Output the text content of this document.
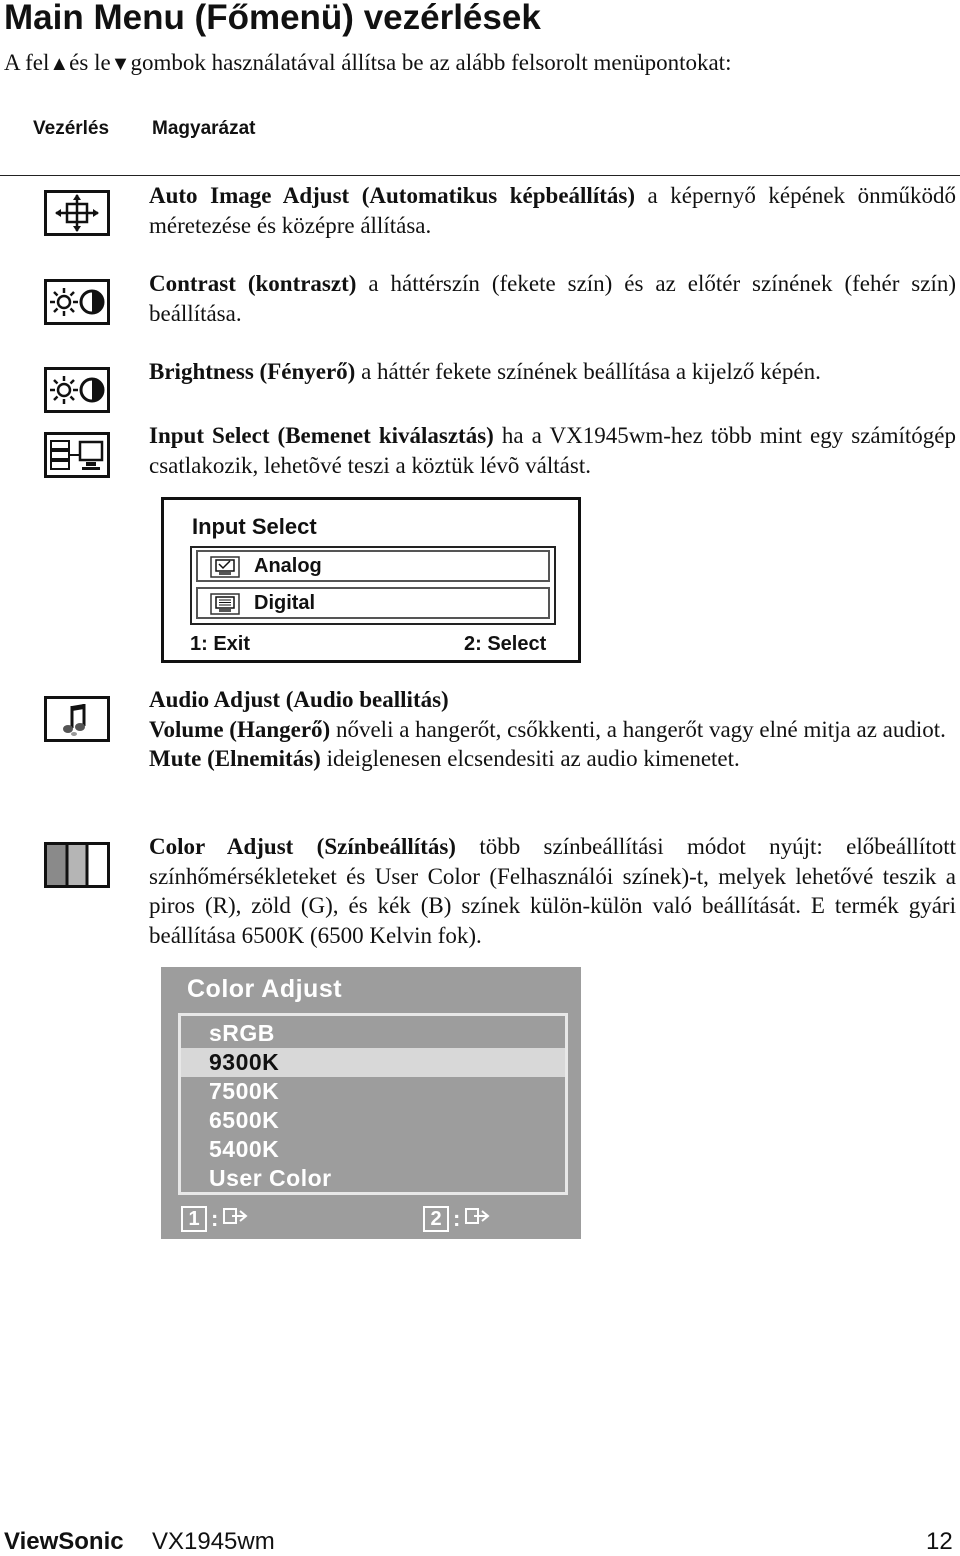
Main Menu (Főmenü) vezérlések
A fel▲és le▼gombok használatával állítsa be az alább felsorolt menüpontokat:
Vezérlés Magyarázat
Auto Image Adjust (Automatikus képbeállítás) a képernyő képének önműködő méretezése és középre állítása.
Contrast (kontraszt) a háttérszín (fekete szín) és az előtér színének (fehér szín) beállítása.
Brightness (Fényerő) a háttér fekete színének beállítása a kijelző képén.
Input Select (Bemenet kiválasztás) ha a VX1945wm-hez több mint egy számítógép csatlakozik, lehetõvé teszi a köztük lévõ váltást.
Input Select
Analog
Digital
1: Exit	2: Select
Audio Adjust (Audio beallitás)
Volume (Hangerő) nőveli a hangerőt, csőkkenti, a hangerőt vagy elné mitja az audiot.
Mute (Elnemitás) ideiglenesen elcsendesiti az audio kimenetet.
Color Adjust (Színbeállítás) több színbeállítási módot nyújt: előbeállított színhőmérsékleteket és User Color (Felhasználói színek)-t, melyek lehetővé teszik a piros (R), zöld (G), és kék (B) színek külön-külön való beállítását. E termék gyári beállítása 6500K (6500 Kelvin fok).
Color Adjust
sRGB
9300K
7500K
6500K
5400K
User Color
1 :	2 :
ViewSonic VX1945wm	12
